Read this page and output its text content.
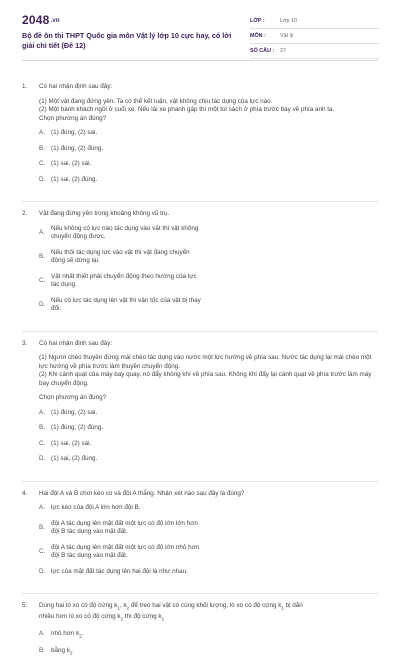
2048.vn
Bộ đề ôn thi THPT Quốc gia môn Vật lý lớp 10 cực hay, có lời giải chi tiết (Đề 12)
LỚP :	Lớp 10
MÔN :	Vật lý
SỐ CÂU :	27
1. Có hai nhận định sau đây:
(1) Một vật đang đứng yên. Ta có thể kết luận, vật không chịu tác dụng của lực nào.
(2) Một hành khách ngồi ở cuối xe. Nếu lái xe phanh gấp thì một túi sách ở phía trước bay về phía anh ta.
Chọn phương án đúng?
A. (1) đúng, (2) sai.
B. (1) đúng, (2) đúng.
C. (1) sai, (2) sai.
D. (1) sai, (2) đúng.
2. Vật đang đứng yên trong khoảng không vũ trụ.
A.
Nếu không có lực nào tác dụng vào vật thì vật không chuyển động được.
B.
Nếu thôi tác dụng lực vào vật thì vật đang chuyển động sẽ dừng lại.
C.
Vật nhất thiết phải chuyển động theo hướng của lực tác dụng.
D.
Nếu có lực tác dụng lên vật thì vận tốc của vật bị thay đổi.
3. Có hai nhận định sau đây:
(1) Người chèo thuyền đứng mái chèo tác dụng vào nước một lực hướng về phía sau. Nước tác dụng lại mái chèo một lực hướng về phía trước làm thuyền chuyển động.
(2) Khi cánh quạt của máy bay quay, nó đẩy không khí về phía sau. Không khí đẩy lại cánh quạt về phía trước làm máy bay chuyển động.
Chọn phương án đúng?
A. (1) đúng, (2) sai.
B. (1) đúng, (2) đúng.
C. (1) sai, (2) sai.
D. (1) sai, (2) đúng.
4. Hai đội A và B chơi kéo co và đội A thắng. Nhận xét nào sau đây là đúng?
A. lực kéo của đội A lớn hơn đội B.
B.
đội A tác dụng lên mặt đất một lực có độ lớn lớn hơn đội B tác dụng vào mặt đất.
C.
đội A tác dụng lên mặt đất một lực có độ lớn nhỏ hơn đội B tác dụng vào mặt đất.
D. lực của mặt đất tác dụng lên hai đội là như nhau.
5. Dùng hai lò xo có độ cứng $k_1$, $k_2$ để treo hai vật có cùng khối lượng, lò xo có độ cứng $k_1$ bị dãn
nhiều hơn lò xo có độ cứng $k_2$ thì độ cứng $k_1$
A. nhỏ hơn $k_2$.
B. bằng $k_2$.
